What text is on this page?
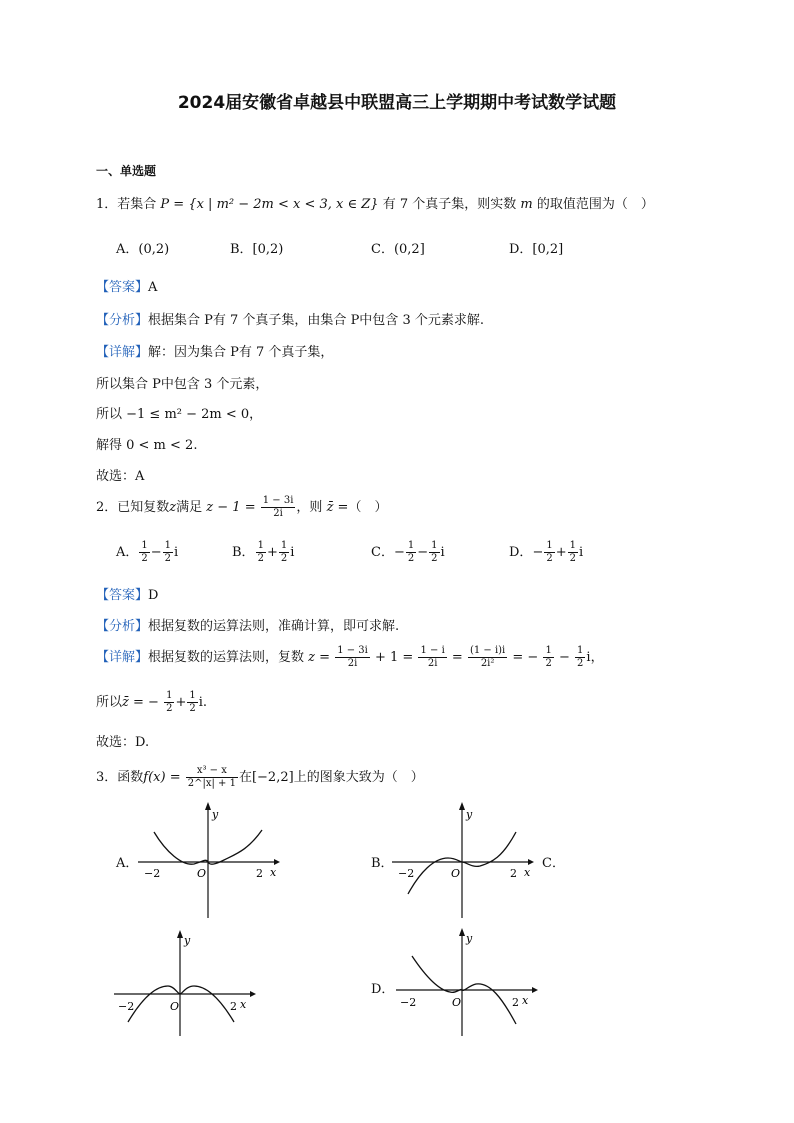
2024届安徽省卓越县中联盟高三上学期期中考试数学试题
一、单选题
1．若集合 P = {x | m² − 2m < x < 3, x ∈ Z} 有 7 个真子集，则实数 m 的取值范围为（　）
A．(0,2)	B．[0,2)	C．(0,2]	D．[0,2]
【答案】A
【分析】根据集合 P有 7 个真子集，由集合 P中包含 3 个元素求解.
【详解】解：因为集合 P有 7 个真子集，
所以集合 P中包含 3 个元素，
所以 −1 ≤ m² − 2m < 0，
解得 0 < m < 2.
故选：A
2．已知复数z满足 $z - 1 = \frac{1 - 3i}{2i}$ ，则 z̄ =（　）
A． $\frac{1}{2} - \frac{1}{2}$ i	B． $\frac{1}{2} + \frac{1}{2}$ i	C．− $\frac{1}{2} - \frac{1}{2}$ i	D．− $\frac{1}{2} + \frac{1}{2}$ i
【答案】D
【分析】根据复数的运算法则，准确计算，即可求解.
【详解】根据复数的运算法则，复数 $z = \frac{1 - 3i}{2i} + 1 = \frac{1 - i}{2i} = \frac{(1 - i)i}{\text{2i²}}$ = − $\frac{1}{2} - \frac{1}{2}$ i，
所以z̄ = − $\frac{1}{2} + \frac{1}{2} i$.
故选：D.
3．函数$f(x) = \frac{\text{x³ − x}}{2\^{}|x| + 1}$ 在[−2,2]上的图象大致为（　）
A．
y
x
O
−2	2
B．
y
x
O
−2	2
C．
y
x
O
−2	2
D．
y
x
O
−2	2
